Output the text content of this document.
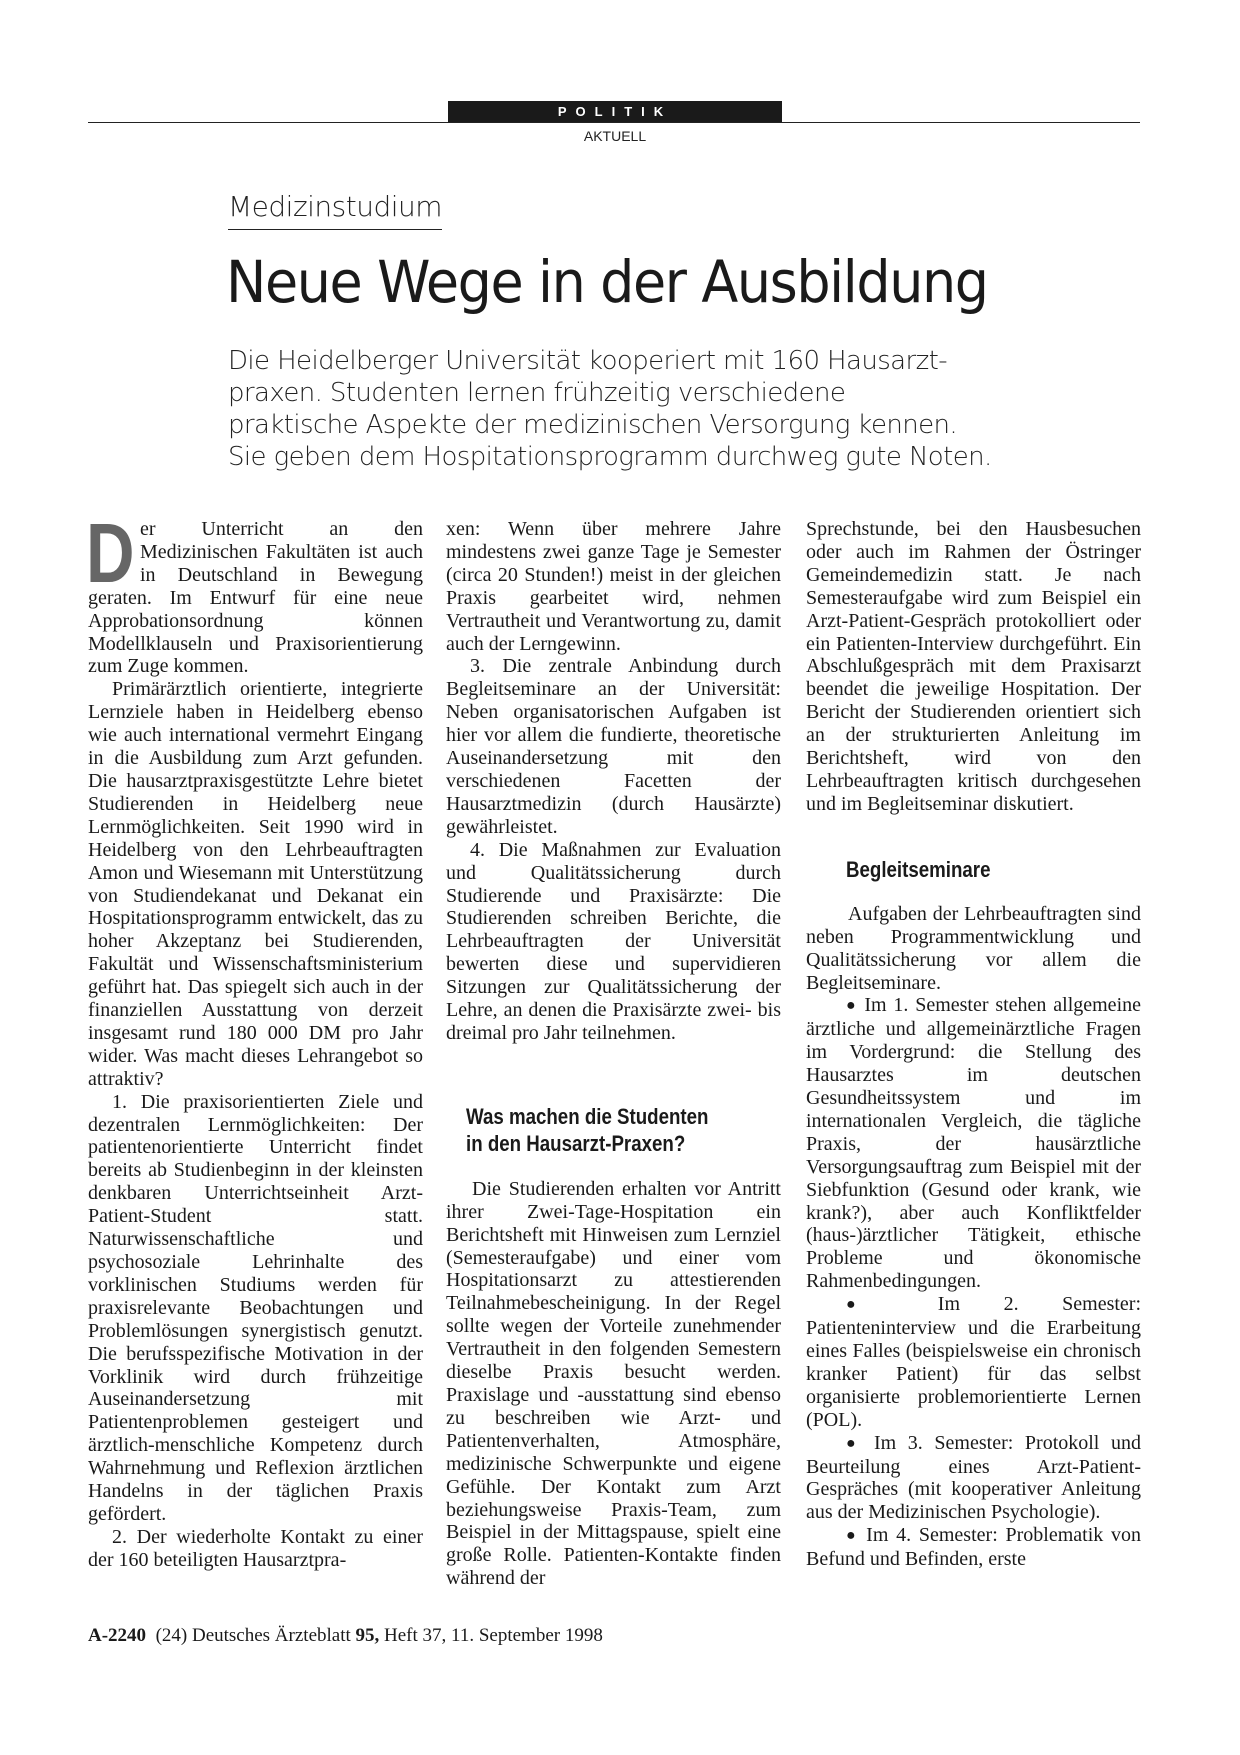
POLITIK
AKTUELL
Medizinstudium
Neue Wege in der Ausbildung

Die Heidelberger Universität kooperiert mit 160 Hausarzt-
praxen. Studenten lernen frühzeitig verschiedene
praktische Aspekte der medizinischen Versorgung kennen.
Sie geben dem Hospitationsprogramm durchweg gute Noten.

Der Unterricht an den Medizinischen Fakultäten ist auch in Deutschland in Bewegung geraten. Im Entwurf für eine neue Approbationsordnung können Modellklauseln und Praxisorientierung zum Zuge kommen.

Primärärztlich orientierte, integrierte Lernziele haben in Heidelberg ebenso wie auch international vermehrt Eingang in die Ausbildung zum Arzt gefunden. Die hausarztpraxisgestützte Lehre bietet Studierenden in Heidelberg neue Lernmöglichkeiten. Seit 1990 wird in Heidelberg von den Lehrbeauftragten Amon und Wiesemann mit Unterstützung von Studiendekanat und Dekanat ein Hospitationsprogramm entwickelt, das zu hoher Akzeptanz bei Studierenden, Fakultät und Wissenschaftsministerium geführt hat. Das spiegelt sich auch in der finanziellen Ausstattung von derzeit insgesamt rund 180 000 DM pro Jahr wider. Was macht dieses Lehrangebot so attraktiv?

1. Die praxisorientierten Ziele und dezentralen Lernmöglichkeiten: Der patientenorientierte Unterricht findet bereits ab Studienbeginn in der kleinsten denkbaren Unterrichtseinheit Arzt-Patient-Student statt. Naturwissenschaftliche und psychosoziale Lehrinhalte des vorklinischen Studiums werden für praxisrelevante Beobachtungen und Problemlösungen synergistisch genutzt. Die berufsspezifische Motivation in der Vorklinik wird durch frühzeitige Auseinandersetzung mit Patientenproblemen gesteigert und ärztlich-menschliche Kompetenz durch Wahrnehmung und Reflexion ärztlichen Handelns in der täglichen Praxis gefördert.

2. Der wiederholte Kontakt zu einer der 160 beteiligten Hausarztpra-

xen: Wenn über mehrere Jahre mindestens zwei ganze Tage je Semester (circa 20 Stunden!) meist in der gleichen Praxis gearbeitet wird, nehmen Vertrautheit und Verantwortung zu, damit auch der Lerngewinn.

3. Die zentrale Anbindung durch Begleitseminare an der Universität: Neben organisatorischen Aufgaben ist hier vor allem die fundierte, theoretische Auseinandersetzung mit den verschiedenen Facetten der Hausarztmedizin (durch Hausärzte) gewährleistet.

4. Die Maßnahmen zur Evaluation und Qualitätssicherung durch Studierende und Praxisärzte: Die Studierenden schreiben Berichte, die Lehrbeauftragten der Universität bewerten diese und supervidieren Sitzungen zur Qualitätssicherung der Lehre, an denen die Praxisärzte zwei- bis dreimal pro Jahr teilnehmen.

Was machen die Studenten
in den Hausarzt-Praxen?

Die Studierenden erhalten vor Antritt ihrer Zwei-Tage-Hospitation ein Berichtsheft mit Hinweisen zum Lernziel (Semesteraufgabe) und einer vom Hospitationsarzt zu attestierenden Teilnahmebescheinigung. In der Regel sollte wegen der Vorteile zunehmender Vertrautheit in den folgenden Semestern dieselbe Praxis besucht werden. Praxislage und -ausstattung sind ebenso zu beschreiben wie Arzt- und Patientenverhalten, Atmosphäre, medizinische Schwerpunkte und eigene Gefühle. Der Kontakt zum Arzt beziehungsweise Praxis-Team, zum Beispiel in der Mittagspause, spielt eine große Rolle. Patienten-Kontakte finden während der

Sprechstunde, bei den Hausbesuchen oder auch im Rahmen der Östringer Gemeindemedizin statt. Je nach Semesteraufgabe wird zum Beispiel ein Arzt-Patient-Gespräch protokolliert oder ein Patienten-Interview durchgeführt. Ein Abschlußgespräch mit dem Praxisarzt beendet die jeweilige Hospitation. Der Bericht der Studierenden orientiert sich an der strukturierten Anleitung im Berichtsheft, wird von den Lehrbeauftragten kritisch durchgesehen und im Begleitseminar diskutiert.

Begleitseminare

Aufgaben der Lehrbeauftragten sind neben Programmentwicklung und Qualitätssicherung vor allem die Begleitseminare.

● Im 1. Semester stehen allgemeine ärztliche und allgemeinärztliche Fragen im Vordergrund: die Stellung des Hausarztes im deutschen Gesundheitssystem und im internationalen Vergleich, die tägliche Praxis, der hausärztliche Versorgungsauftrag zum Beispiel mit der Siebfunktion (Gesund oder krank, wie krank?), aber auch Konfliktfelder (haus-)ärztlicher Tätigkeit, ethische Probleme und ökonomische Rahmenbedingungen.

● Im 2. Semester: Patienteninterview und die Erarbeitung eines Falles (beispielsweise ein chronisch kranker Patient) für das selbst organisierte problemorientierte Lernen (POL).

● Im 3. Semester: Protokoll und Beurteilung eines Arzt-Patient-Gespräches (mit kooperativer Anleitung aus der Medizinischen Psychologie).

● Im 4. Semester: Problematik von Befund und Befinden, erste

A-2240 (24) Deutsches Ärzteblatt 95, Heft 37, 11. September 1998
